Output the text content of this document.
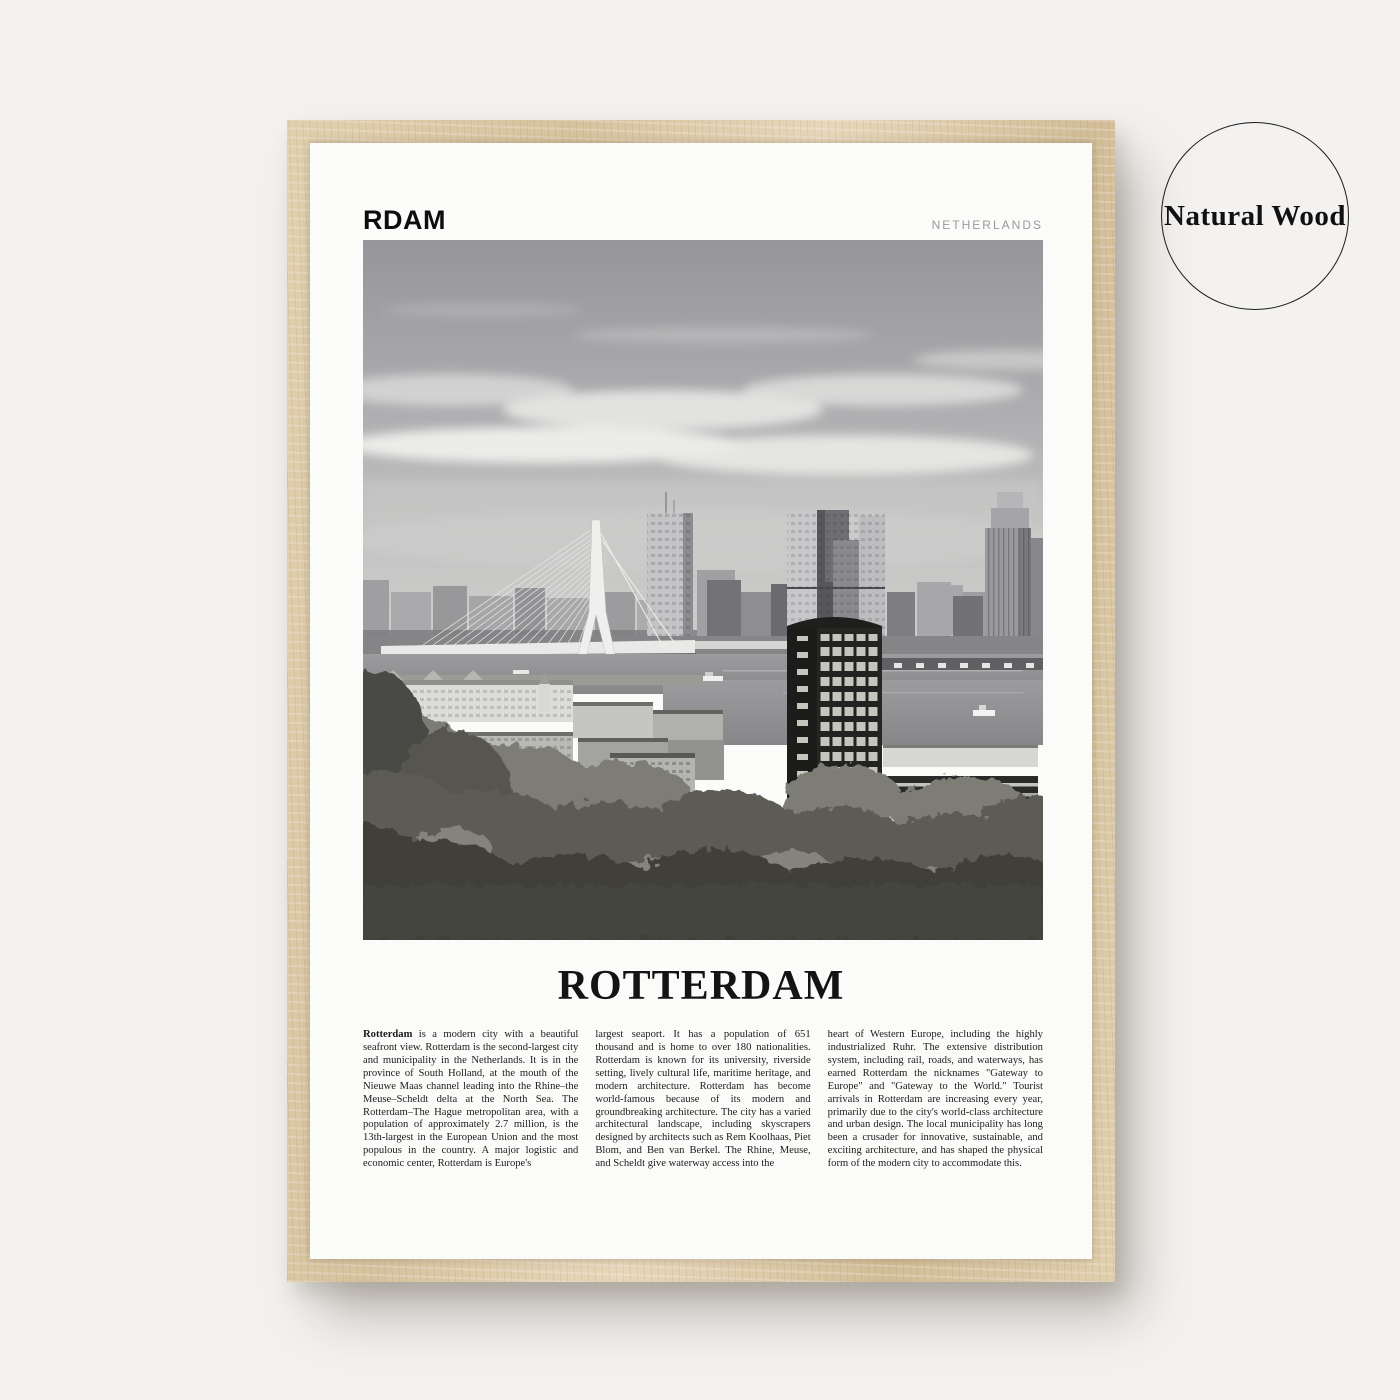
RDAM	NETHERLANDS
ROTTERDAM

Rotterdam is a modern city with a beautiful seafront view. Rotterdam is the second-largest city and municipality in the Netherlands. It is in the province of South Holland, at the mouth of the Nieuwe Maas channel leading into the Rhine–the Meuse–Scheldt delta at the North Sea. The Rotterdam–The Hague metropolitan area, with a population of approximately 2.7 million, is the 13th-largest in the European Union and the most populous in the country. A major logistic and economic center, Rotterdam is Europe's

largest seaport. It has a population of 651 thousand and is home to over 180 nationalities. Rotterdam is known for its university, riverside setting, lively cultural life, maritime heritage, and modern architecture. Rotterdam has become world-famous because of its modern and groundbreaking architecture. The city has a varied architectural landscape, including skyscrapers designed by architects such as Rem Koolhaas, Piet Blom, and Ben van Berkel. The Rhine, Meuse, and Scheldt give waterway access into the

heart of Western Europe, including the highly industrialized Ruhr. The extensive distribution system, including rail, roads, and waterways, has earned Rotterdam the nicknames "Gateway to Europe" and "Gateway to the World." Tourist arrivals in Rotterdam are increasing every year, primarily due to the city's world-class architecture and urban design. The local municipality has long been a crusader for innovative, sustainable, and exciting architecture, and has shaped the physical form of the modern city to accommodate this.

Natural Wood
